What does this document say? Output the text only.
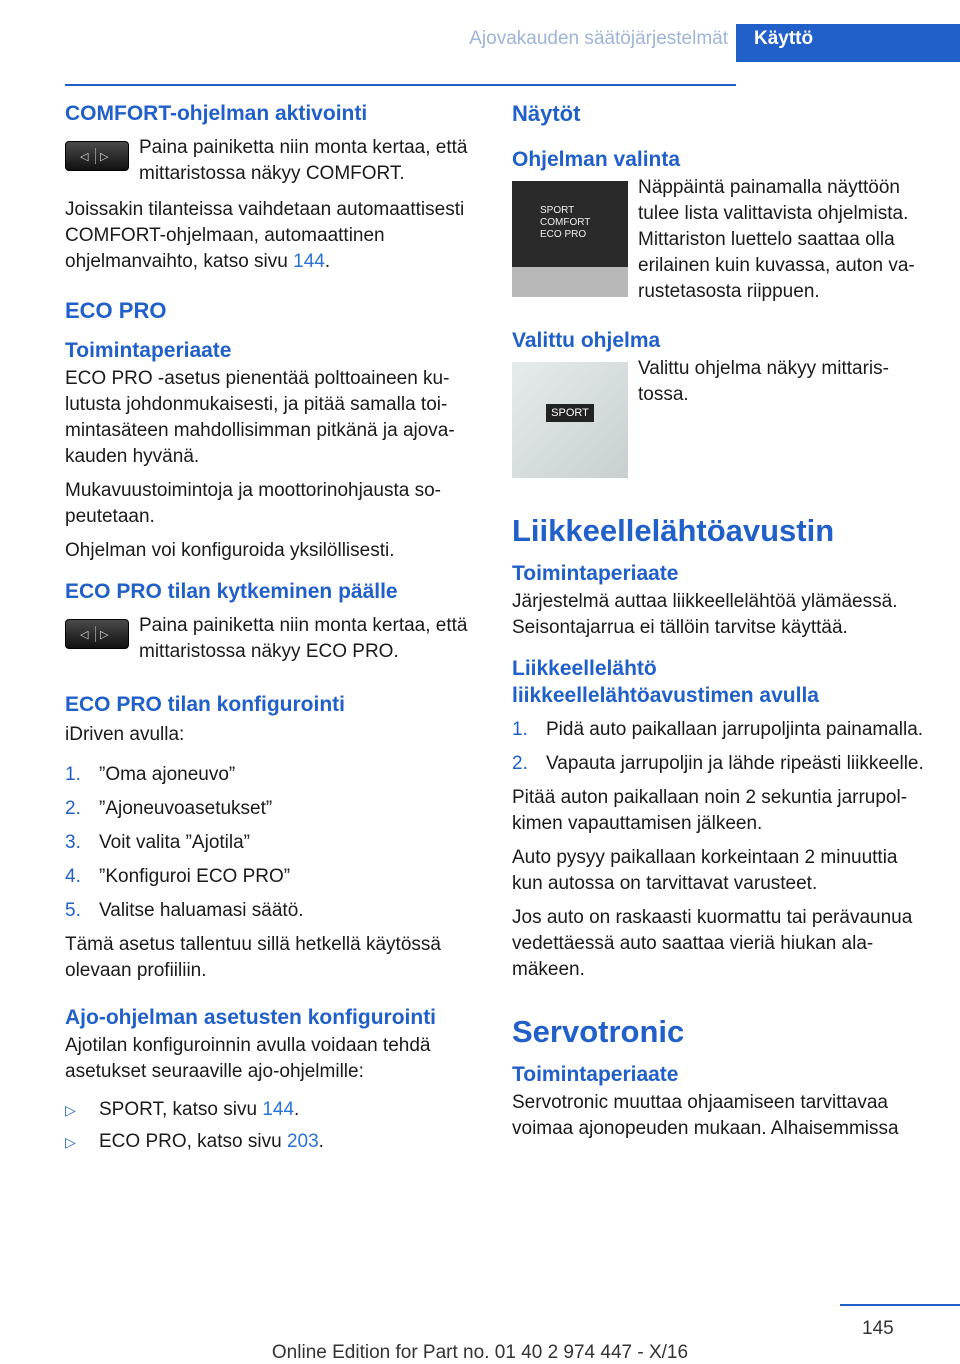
Ajovakauden säätöjärjestelmät	Käyttö
COMFORT-ohjelman aktivointi
◁ ▷ Paina painiketta niin monta kertaa, että mittaristossa näkyy COMFORT.
Joissakin tilanteissa vaihdetaan automaattisesti COMFORT-ohjelmaan, automaattinen ohjelmanvaihto, katso sivu 144.
ECO PRO
Toimintaperiaate
ECO PRO -asetus pienentää polttoaineen kulutusta johdonmukaisesti, ja pitää samalla toimintasäteen mahdollisimman pitkänä ja ajovakauden hyvänä.
Mukavuustoimintoja ja moottorinohjausta sopeutetaan.
Ohjelman voi konfiguroida yksilöllisesti.
ECO PRO tilan kytkeminen päälle
◁ ▷ Paina painiketta niin monta kertaa, että mittaristossa näkyy ECO PRO.
ECO PRO tilan konfigurointi
iDriven avulla:
1. ”Oma ajoneuvo”
2. ”Ajoneuvoasetukset”
3. Voit valita ”Ajotila”
4. ”Konfiguroi ECO PRO”
5. Valitse haluamasi säätö.
Tämä asetus tallentuu sillä hetkellä käytössä olevaan profiiliin.
Ajo-ohjelman asetusten konfigurointi
Ajotilan konfiguroinnin avulla voidaan tehdä asetukset seuraaville ajo-ohjelmille:
▷	SPORT, katso sivu 144.
▷	ECO PRO, katso sivu 203.
Näytöt
Ohjelman valinta
SPORT
COMFORT
ECO PRO
Näppäintä painamalla näyttöön tulee lista valittavista ohjelmista. Mittariston luettelo saattaa olla erilainen kuin kuvassa, auton varustetasosta riippuen.
Valittu ohjelma
SPORT
Valittu ohjelma näkyy mittaristossa.
Liikkeellelähtöavustin
Toimintaperiaate
Järjestelmä auttaa liikkeellelähtöä ylämäessä. Seisontajarrua ei tällöin tarvitse käyttää.
Liikkeellelähtö liikkeellelähtöavustimen avulla
1. Pidä auto paikallaan jarrupoljinta painamalla.
2. Vapauta jarrupoljin ja lähde ripeästi liikkeelle.
Pitää auton paikallaan noin 2 sekuntia jarrupolkimen vapauttamisen jälkeen.
Auto pysyy paikallaan korkeintaan 2 minuuttia kun autossa on tarvittavat varusteet.
Jos auto on raskaasti kuormattu tai perävaunua vedettäessä auto saattaa vieriä hiukan alamäkeen.
Servotronic
Toimintaperiaate
Servotronic muuttaa ohjaamiseen tarvittavaa voimaa ajonopeuden mukaan. Alhaisemmissa
145
Online Edition for Part no. 01 40 2 974 447 - X/16
